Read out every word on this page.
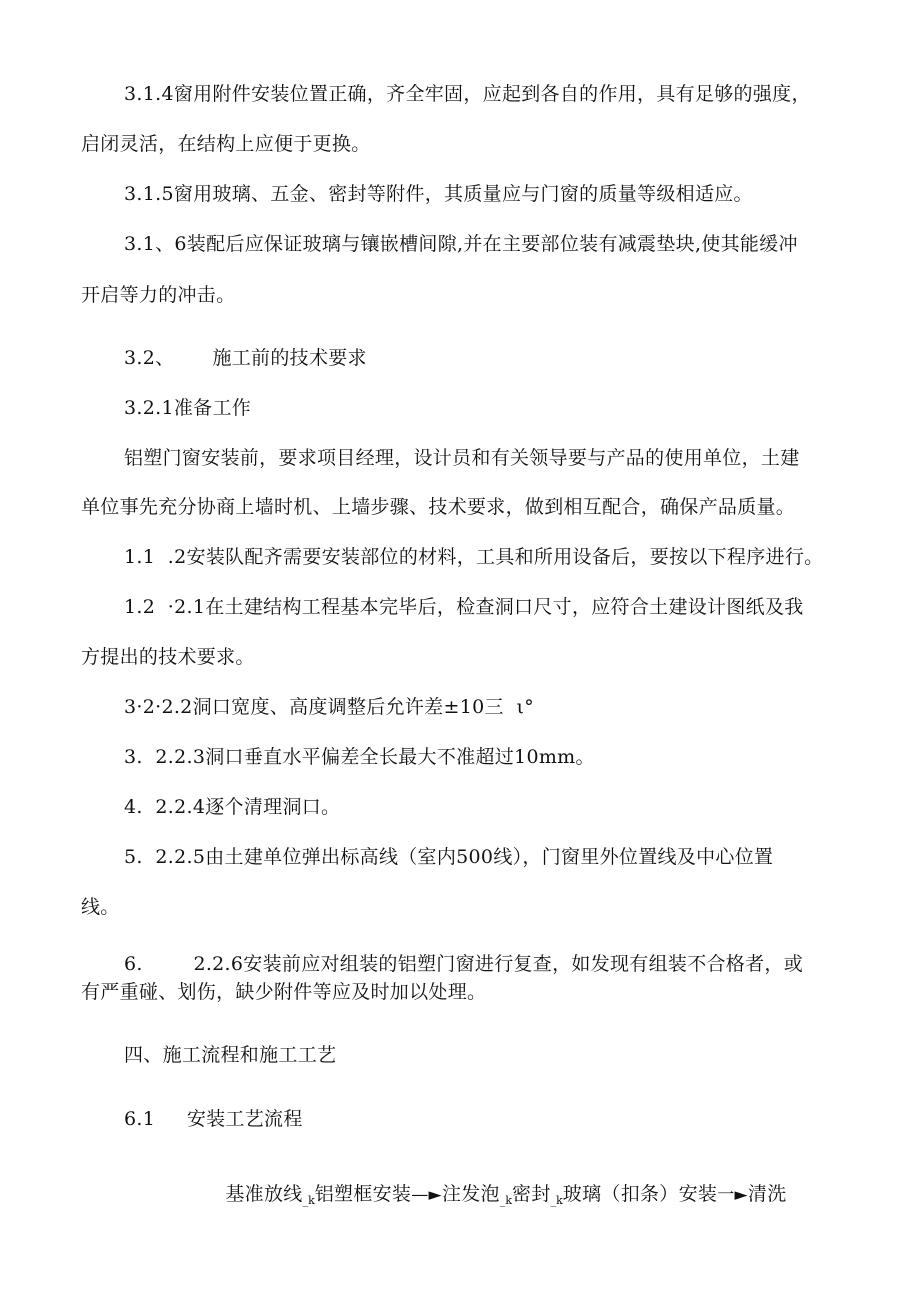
3.1.4窗用附件安装位置正确，齐全牢固，应起到各自的作用，具有足够的强度，
启闭灵活，在结构上应便于更换。
3.1.5窗用玻璃、五金、密封等附件，其质量应与门窗的质量等级相适应。
3.1、6装配后应保证玻璃与镶嵌槽间隙,并在主要部位装有减震垫块,使其能缓冲
开启等力的冲击。
3.2、      施工前的技术要求
3.2.1准备工作
铝塑门窗安装前，要求项目经理，设计员和有关领导要与产品的使用单位，土建
单位事先充分协商上墙时机、上墙步骤、技术要求，做到相互配合，确保产品质量。
1.1  .2安装队配齐需要安装部位的材料，工具和所用设备后，要按以下程序进行。
1.2  ·2.1在土建结构工程基本完毕后，检查洞口尺寸，应符合土建设计图纸及我
方提出的技术要求。
3·2·2.2洞口宽度、高度调整后允许差±10三  ι°
3.  2.2.3洞口垂直水平偏差全长最大不准超过10mm。
4.  2.2.4逐个清理洞口。
5.  2.2.5由土建单位弹出标高线（室内500线），门窗里外位置线及中心位置
线。
6.        2.2.6安装前应对组装的铝塑门窗进行复查，如发现有组装不合格者，或
有严重碰、划伤，缺少附件等应及时加以处理。
四、施工流程和施工工艺
6.1     安装工艺流程

基准放线$_{\_k}$铝塑框安装—►注发泡$_{\_k}$密封$_{\_k}$玻璃（扣条）安装一►清洗
